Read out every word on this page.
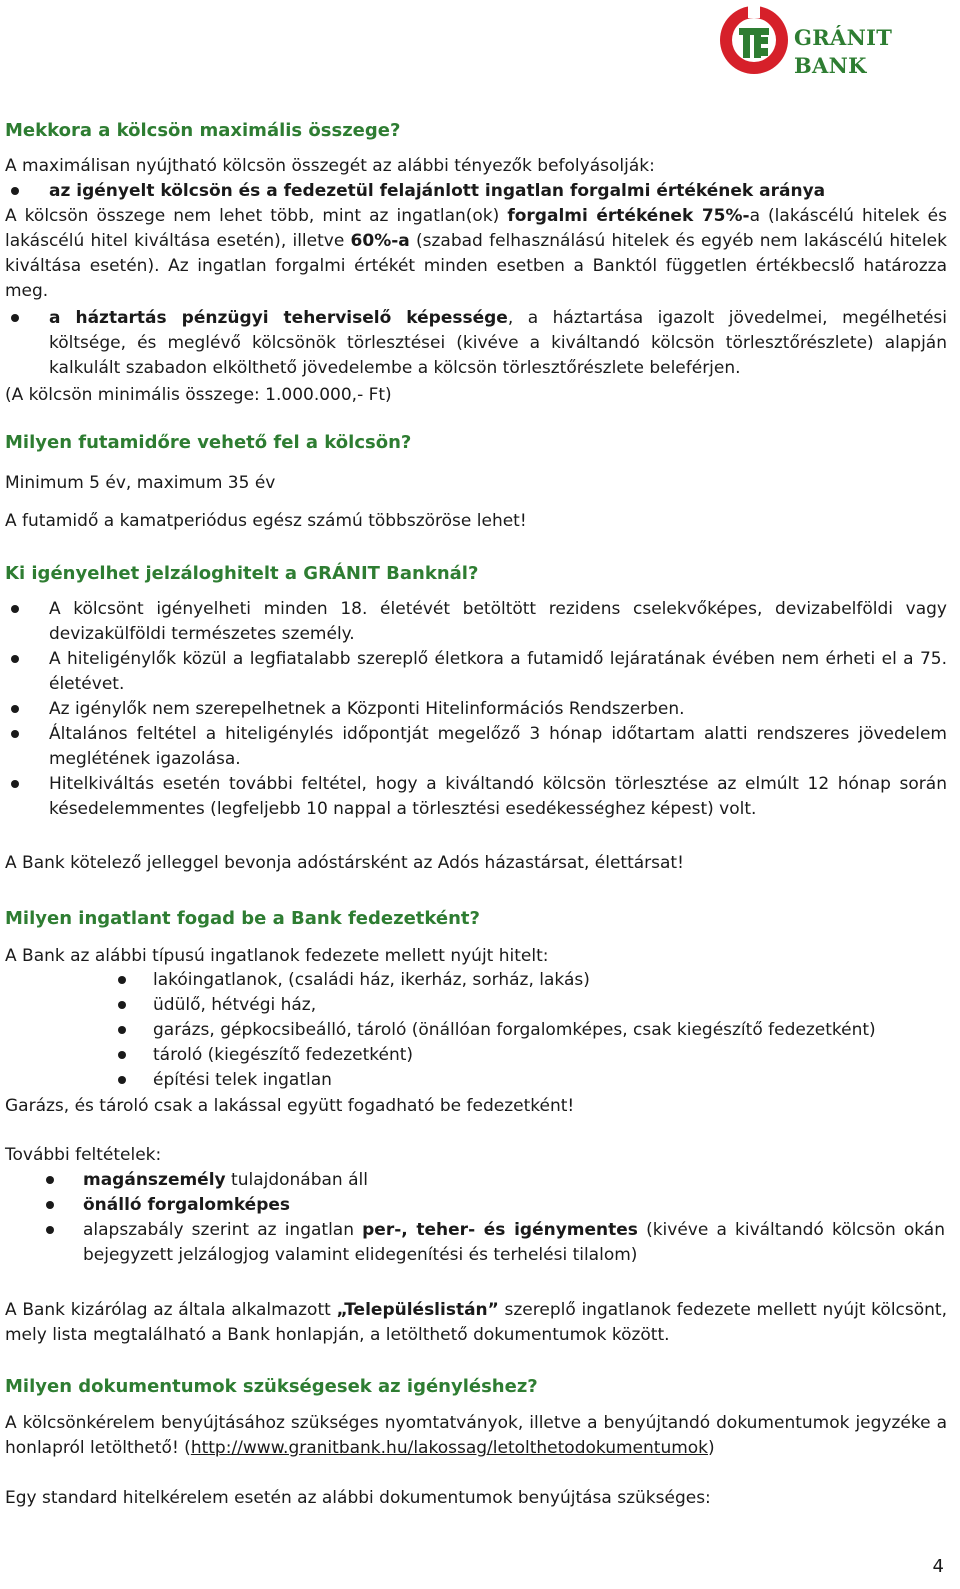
GRÁNIT BANK
Mekkora a kölcsön maximális összege?
A maximálisan nyújtható kölcsön összegét az alábbi tényezők befolyásolják:
az igényelt kölcsön és a fedezetül felajánlott ingatlan forgalmi értékének aránya
A kölcsön összege nem lehet több, mint az ingatlan(ok) forgalmi értékének 75%-a (lakáscélú hitelek és lakáscélú hitel kiváltása esetén), illetve 60%-a (szabad felhasználású hitelek és egyéb nem lakáscélú hitelek kiváltása esetén). Az ingatlan forgalmi értékét minden esetben a Banktól független értékbecslő határozza meg.
a háztartás pénzügyi teherviselő képessége, a háztartása igazolt jövedelmei, megélhetési költsége, és meglévő kölcsönök törlesztései (kivéve a kiváltandó kölcsön törlesztőrészlete) alapján kalkulált szabadon elkölthető jövedelembe a kölcsön törlesztőrészlete beleférjen.
(A kölcsön minimális összege: 1.000.000,- Ft)
Milyen futamidőre vehető fel a kölcsön?
Minimum 5 év, maximum 35 év
A futamidő a kamatperiódus egész számú többszöröse lehet!
Ki igényelhet jelzáloghitelt a GRÁNIT Banknál?
A kölcsönt igényelheti minden 18. életévét betöltött rezidens cselekvőképes, devizabelföldi vagy devizakülföldi természetes személy.
A hiteligénylők közül a legfiatalabb szereplő életkora a futamidő lejáratának évében nem érheti el a 75. életévet.
Az igénylők nem szerepelhetnek a Központi Hitelinformációs Rendszerben.
Általános feltétel a hiteligénylés időpontját megelőző 3 hónap időtartam alatti rendszeres jövedelem meglétének igazolása.
Hitelkiváltás esetén további feltétel, hogy a kiváltandó kölcsön törlesztése az elmúlt 12 hónap során késedelemmentes (legfeljebb 10 nappal a törlesztési esedékességhez képest) volt.
A Bank kötelező jelleggel bevonja adóstársként az Adós házastársat, élettársat!
Milyen ingatlant fogad be a Bank fedezetként?
A Bank az alábbi típusú ingatlanok fedezete mellett nyújt hitelt:
lakóingatlanok, (családi ház, ikerház, sorház, lakás)
üdülő, hétvégi ház,
garázs, gépkocsibeálló, tároló (önállóan forgalomképes, csak kiegészítő fedezetként)
tároló (kiegészítő fedezetként)
építési telek ingatlan
Garázs, és tároló csak a lakással együtt fogadható be fedezetként!
További feltételek:
magánszemély tulajdonában áll
önálló forgalomképes
alapszabály szerint az ingatlan per-, teher- és igénymentes (kivéve a kiváltandó kölcsön okán bejegyzett jelzálogjog valamint elidegenítési és terhelési tilalom)
A Bank kizárólag az általa alkalmazott „Településlistán” szereplő ingatlanok fedezete mellett nyújt kölcsönt, mely lista megtalálható a Bank honlapján, a letölthető dokumentumok között.
Milyen dokumentumok szükségesek az igényléshez?
A kölcsönkérelem benyújtásához szükséges nyomtatványok, illetve a benyújtandó dokumentumok jegyzéke a honlapról letölthető! (http://www.granitbank.hu/lakossag/letolthetodokumentumok)
Egy standard hitelkérelem esetén az alábbi dokumentumok benyújtása szükséges:
4
